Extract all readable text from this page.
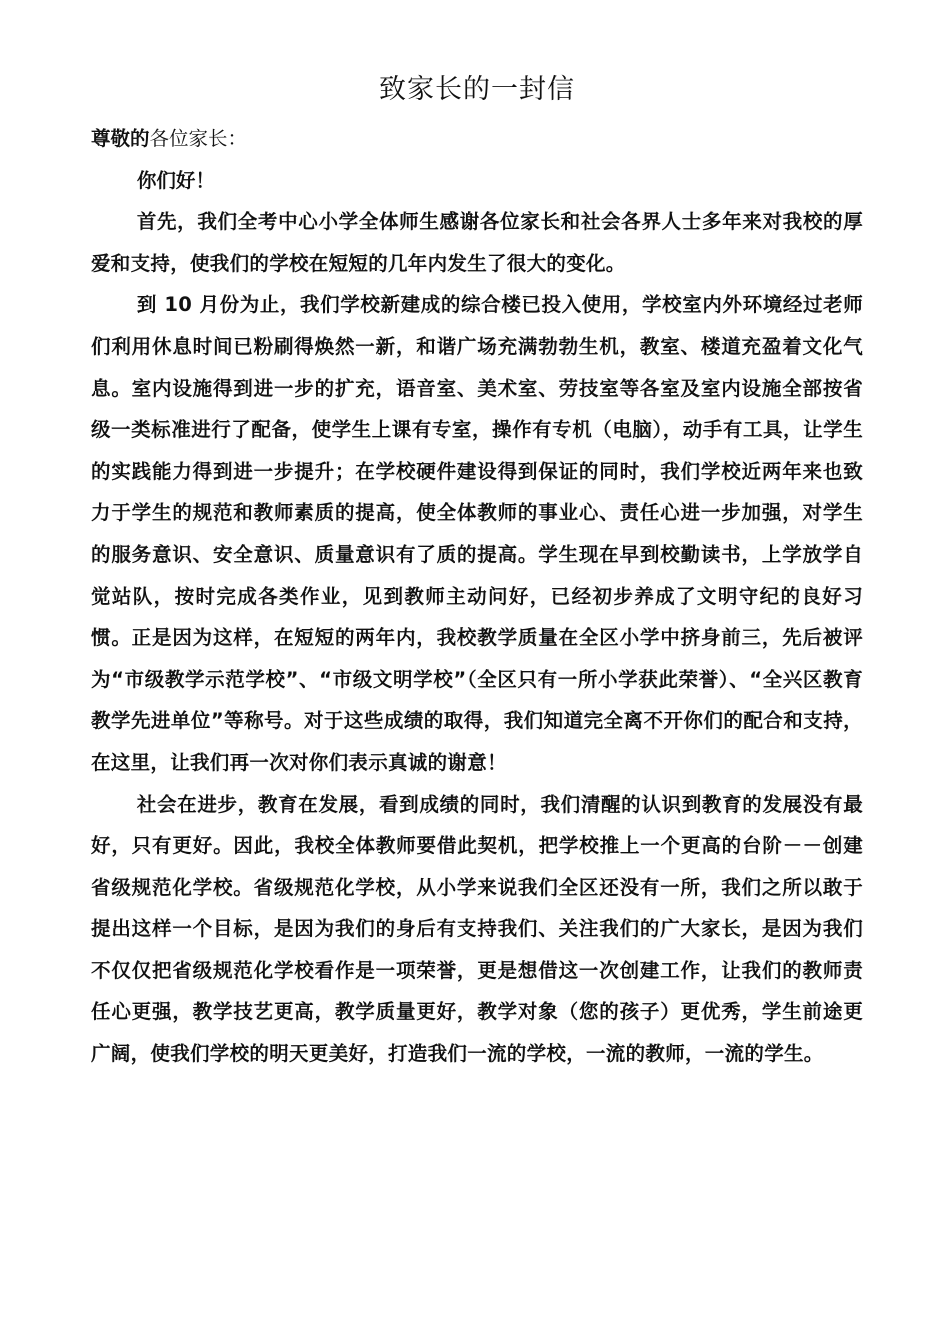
致家长的一封信

尊敬的各位家长：

你们好！

首先，我们全考中心小学全体师生感谢各位家长和社会各界人士多年来对我校的厚爱和支持，使我们的学校在短短的几年内发生了很大的变化。

到 10 月份为止，我们学校新建成的综合楼已投入使用，学校室内外环境经过老师们利用休息时间已粉刷得焕然一新，和谐广场充满勃勃生机，教室、楼道充盈着文化气息。室内设施得到进一步的扩充，语音室、美术室、劳技室等各室及室内设施全部按省级一类标准进行了配备，使学生上课有专室，操作有专机（电脑），动手有工具，让学生的实践能力得到进一步提升；在学校硬件建设得到保证的同时，我们学校近两年来也致力于学生的规范和教师素质的提高，使全体教师的事业心、责任心进一步加强，对学生的服务意识、安全意识、质量意识有了质的提高。学生现在早到校勤读书，上学放学自觉站队，按时完成各类作业，见到教师主动问好，已经初步养成了文明守纪的良好习惯。正是因为这样，在短短的两年内，我校教学质量在全区小学中挤身前三，先后被评为“市级教学示范学校”、“市级文明学校”（全区只有一所小学获此荣誉）、“全兴区教育教学先进单位”等称号。对于这些成绩的取得，我们知道完全离不开你们的配合和支持，在这里，让我们再一次对你们表示真诚的谢意！

社会在进步，教育在发展，看到成绩的同时，我们清醒的认识到教育的发展没有最好，只有更好。因此，我校全体教师要借此契机，把学校推上一个更高的台阶－－创建省级规范化学校。省级规范化学校，从小学来说我们全区还没有一所，我们之所以敢于提出这样一个目标，是因为我们的身后有支持我们、关注我们的广大家长，是因为我们不仅仅把省级规范化学校看作是一项荣誉，更是想借这一次创建工作，让我们的教师责任心更强，教学技艺更高，教学质量更好，教学对象（您的孩子）更优秀，学生前途更广阔，使我们学校的明天更美好，打造我们一流的学校，一流的教师，一流的学生。
